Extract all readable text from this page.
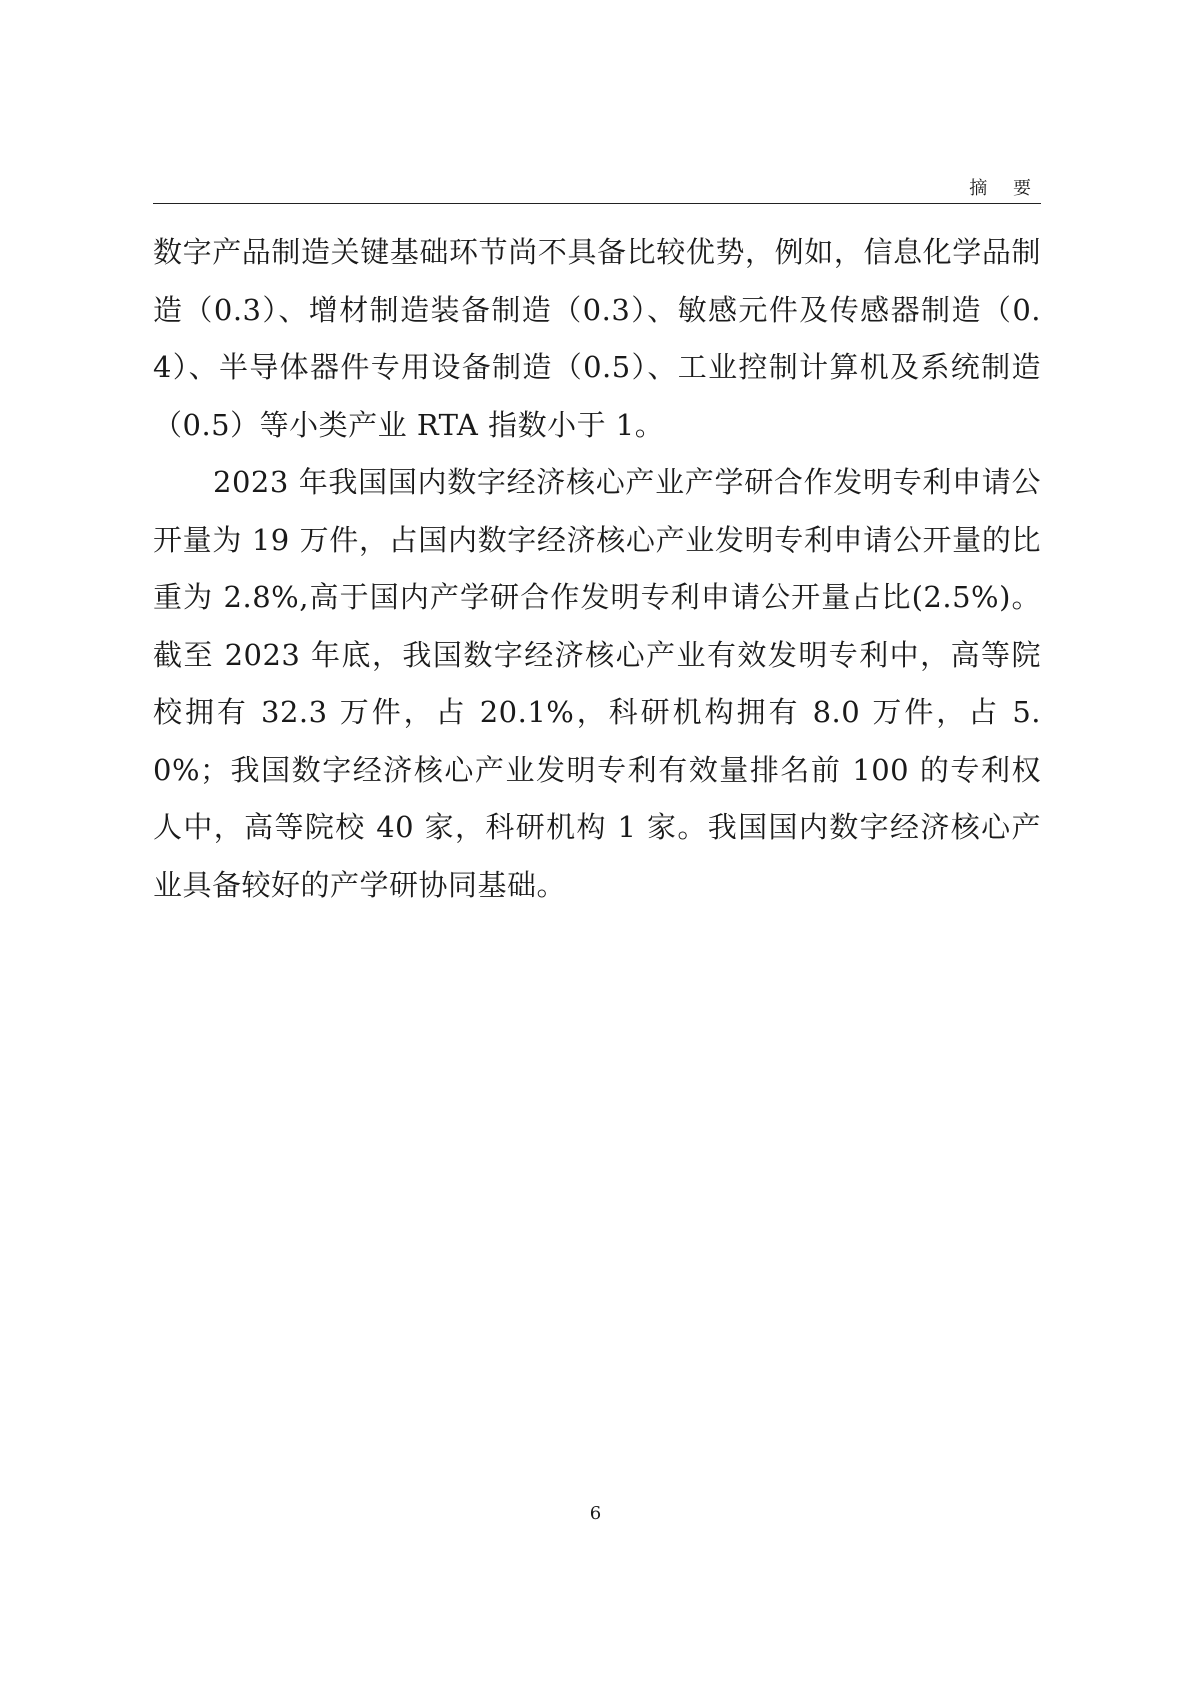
摘 要

数字产品制造关键基础环节尚不具备比较优势，例如，信息化学品制造（0.3）、增材制造装备制造（0.3）、敏感元件及传感器制造（0.4）、半导体器件专用设备制造（0.5）、工业控制计算机及系统制造（0.5）等小类产业 RTA 指数小于 1。

2023 年我国国内数字经济核心产业产学研合作发明专利申请公开量为 19 万件，占国内数字经济核心产业发明专利申请公开量的比重为 2.8%,高于国内产学研合作发明专利申请公开量占比(2.5%)。截至 2023 年底，我国数字经济核心产业有效发明专利中，高等院校拥有 32.3 万件，占 20.1%，科研机构拥有 8.0 万件，占 5.0%；我国数字经济核心产业发明专利有效量排名前 100 的专利权人中，高等院校 40 家，科研机构 1 家。我国国内数字经济核心产业具备较好的产学研协同基础。

6
